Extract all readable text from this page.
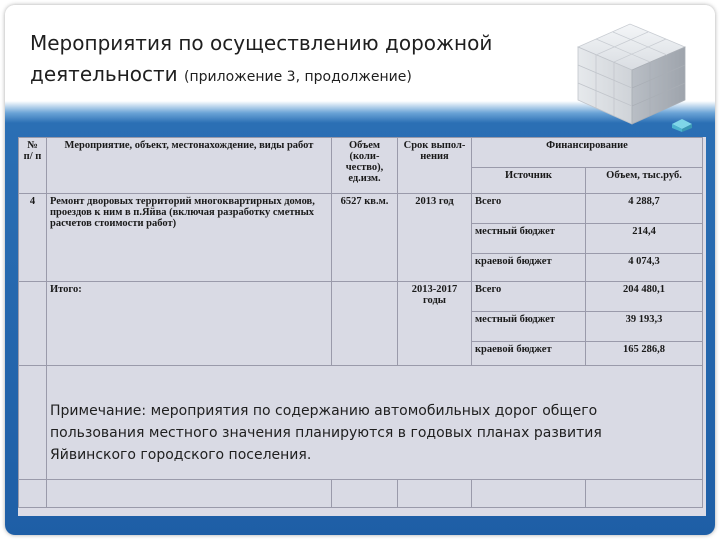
Мероприятия по осуществлению дорожной деятельности (приложение 3, продолжение)
№ п/ п	Мероприятие, объект, местонахождение, виды работ	Объем (коли- чество), ед.изм.	Срок выпол- нения	Финансирование	
				Источник	Объем, тыс.руб.
4	Ремонт дворовых территорий многоквартирных домов, проездов к ним в п.Яйва (включая разработку сметных расчетов стоимости работ)	6527 кв.м.	2013 год	Всего	4 288,7
				местный бюджет	214,4
				краевой бюджет	4 074,3
	Итого:		2013-2017 годы	Всего	204 480,1
				местный бюджет	39 193,3
				краевой бюджет	165 286,8

Примечание: мероприятия по содержанию автомобильных дорог общего пользования местного значения планируются в годовых планах развития Яйвинского городского поселения.
